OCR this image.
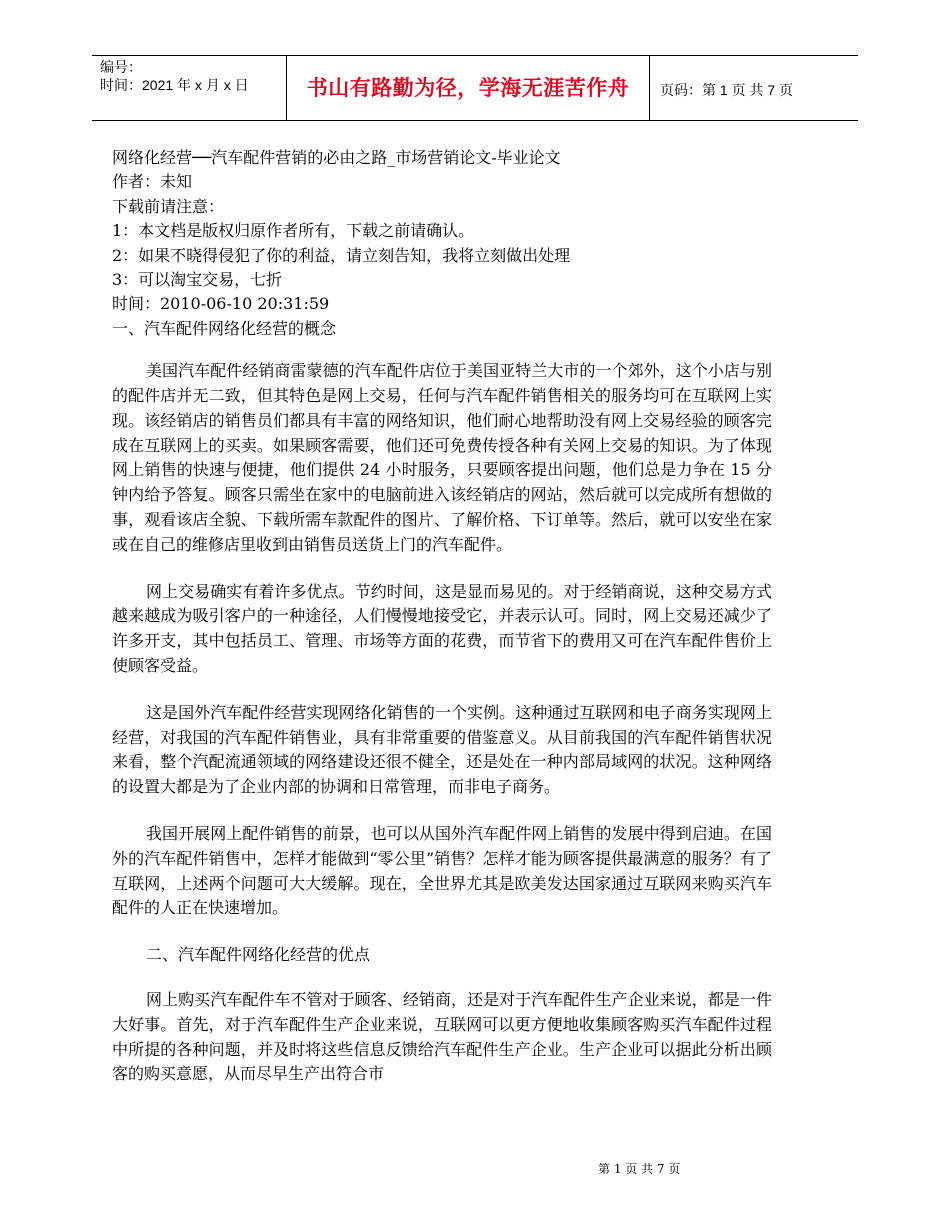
编号：
时间：2021 年 x 月 x 日	书山有路勤为径，学海无涯苦作舟	页码：第 1 页 共 7 页
网络化经营──汽车配件营销的必由之路_市场营销论文-毕业论文
作者：未知
下载前请注意：
1：本文档是版权归原作者所有，下载之前请确认。
2：如果不晓得侵犯了你的利益，请立刻告知，我将立刻做出处理
3：可以淘宝交易，七折
时间：2010-06-10 20:31:59
一、汽车配件网络化经营的概念

美国汽车配件经销商雷蒙德的汽车配件店位于美国亚特兰大市的一个郊外，这个小店与别的配件店并无二致，但其特色是网上交易，任何与汽车配件销售相关的服务均可在互联网上实现。该经销店的销售员们都具有丰富的网络知识，他们耐心地帮助没有网上交易经验的顾客完成在互联网上的买卖。如果顾客需要，他们还可免费传授各种有关网上交易的知识。为了体现网上销售的快速与便捷，他们提供 24 小时服务，只要顾客提出问题，他们总是力争在 15 分钟内给予答复。顾客只需坐在家中的电脑前进入该经销店的网站，然后就可以完成所有想做的事，观看该店全貌、下载所需车款配件的图片、了解价格、下订单等。然后，就可以安坐在家或在自己的维修店里收到由销售员送货上门的汽车配件。

网上交易确实有着许多优点。节约时间，这是显而易见的。对于经销商说，这种交易方式越来越成为吸引客户的一种途径，人们慢慢地接受它，并表示认可。同时，网上交易还减少了许多开支，其中包括员工、管理、市场等方面的花费，而节省下的费用又可在汽车配件售价上使顾客受益。

这是国外汽车配件经营实现网络化销售的一个实例。这种通过互联网和电子商务实现网上经营，对我国的汽车配件销售业，具有非常重要的借鉴意义。从目前我国的汽车配件销售状况来看，整个汽配流通领域的网络建设还很不健全，还是处在一种内部局域网的状况。这种网络的设置大都是为了企业内部的协调和日常管理，而非电子商务。

我国开展网上配件销售的前景，也可以从国外汽车配件网上销售的发展中得到启迪。在国外的汽车配件销售中，怎样才能做到“零公里”销售？怎样才能为顾客提供最满意的服务？有了互联网，上述两个问题可大大缓解。现在，全世界尤其是欧美发达国家通过互联网来购买汽车配件的人正在快速增加。

二、汽车配件网络化经营的优点

网上购买汽车配件车不管对于顾客、经销商，还是对于汽车配件生产企业来说，都是一件大好事。首先，对于汽车配件生产企业来说，互联网可以更方便地收集顾客购买汽车配件过程中所提的各种问题，并及时将这些信息反馈给汽车配件生产企业。生产企业可以据此分析出顾客的购买意愿，从而尽早生产出符合市

第 1 页 共 7 页
